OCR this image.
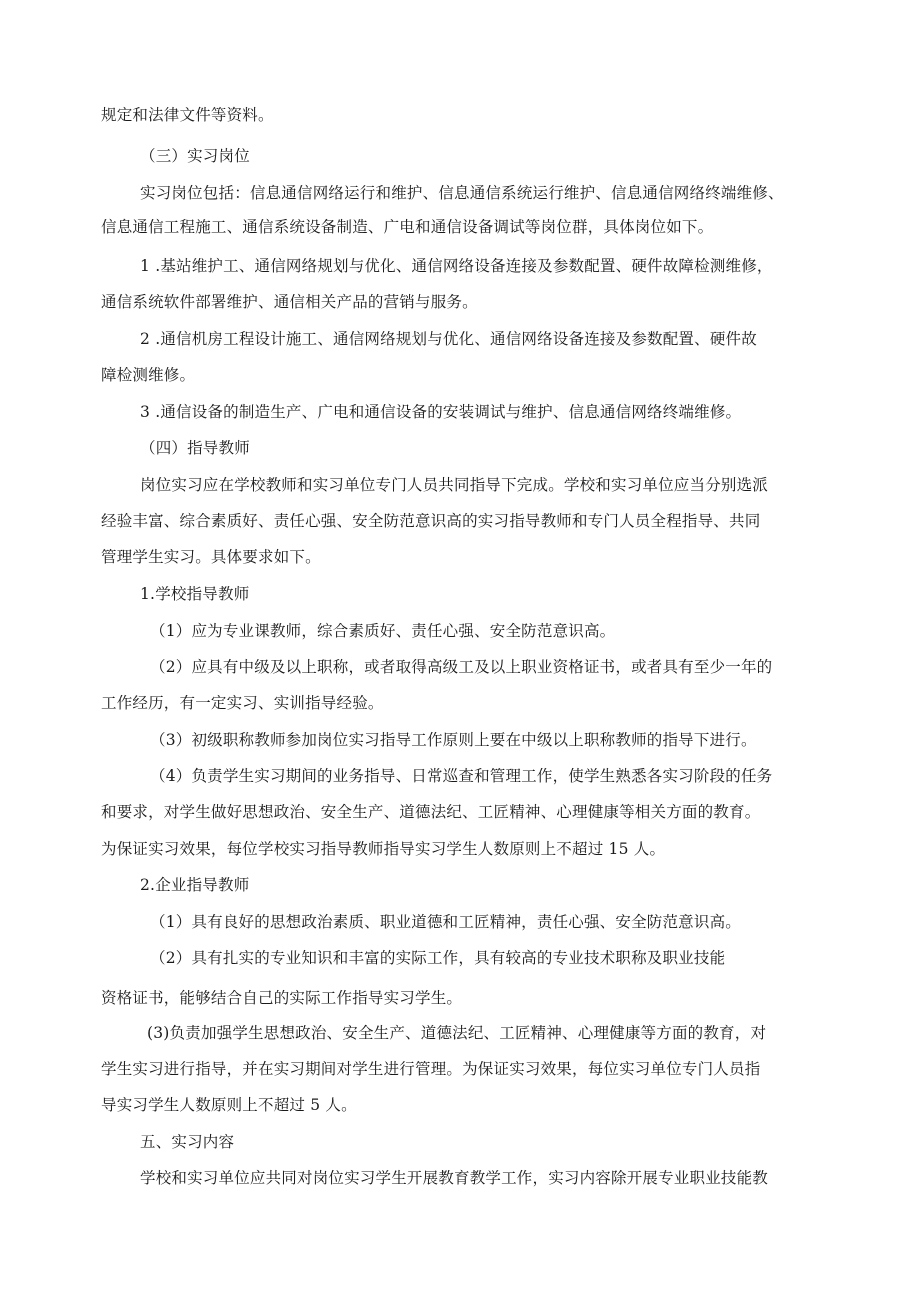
规定和法律文件等资料。
（三）实习岗位
实习岗位包括：信息通信网络运行和维护、信息通信系统运行维护、信息通信网络终端维修、
信息通信工程施工、通信系统设备制造、广电和通信设备调试等岗位群，具体岗位如下。
1 .基站维护工、通信网络规划与优化、通信网络设备连接及参数配置、硬件故障检测维修，
通信系统软件部署维护、通信相关产品的营销与服务。
2 .通信机房工程设计施工、通信网络规划与优化、通信网络设备连接及参数配置、硬件故
障检测维修。
3 .通信设备的制造生产、广电和通信设备的安装调试与维护、信息通信网络终端维修。
（四）指导教师
岗位实习应在学校教师和实习单位专门人员共同指导下完成。学校和实习单位应当分别选派
经验丰富、综合素质好、责任心强、安全防范意识高的实习指导教师和专门人员全程指导、共同
管理学生实习。具体要求如下。
1.学校指导教师
（1）应为专业课教师，综合素质好、责任心强、安全防范意识高。
（2）应具有中级及以上职称，或者取得高级工及以上职业资格证书，或者具有至少一年的
工作经历，有一定实习、实训指导经验。
（3）初级职称教师参加岗位实习指导工作原则上要在中级以上职称教师的指导下进行。
（4）负责学生实习期间的业务指导、日常巡查和管理工作，使学生熟悉各实习阶段的任务
和要求，对学生做好思想政治、安全生产、道德法纪、工匠精神、心理健康等相关方面的教育。
为保证实习效果，每位学校实习指导教师指导实习学生人数原则上不超过 15 人。
2.企业指导教师
（1）具有良好的思想政治素质、职业道德和工匠精神，责任心强、安全防范意识高。
（2）具有扎实的专业知识和丰富的实际工作，具有较高的专业技术职称及职业技能
资格证书，能够结合自己的实际工作指导实习学生。
(3)负责加强学生思想政治、安全生产、道德法纪、工匠精神、心理健康等方面的教育，对
学生实习进行指导，并在实习期间对学生进行管理。为保证实习效果，每位实习单位专门人员指
导实习学生人数原则上不超过 5 人。
五、实习内容
学校和实习单位应共同对岗位实习学生开展教育教学工作，实习内容除开展专业职业技能教
